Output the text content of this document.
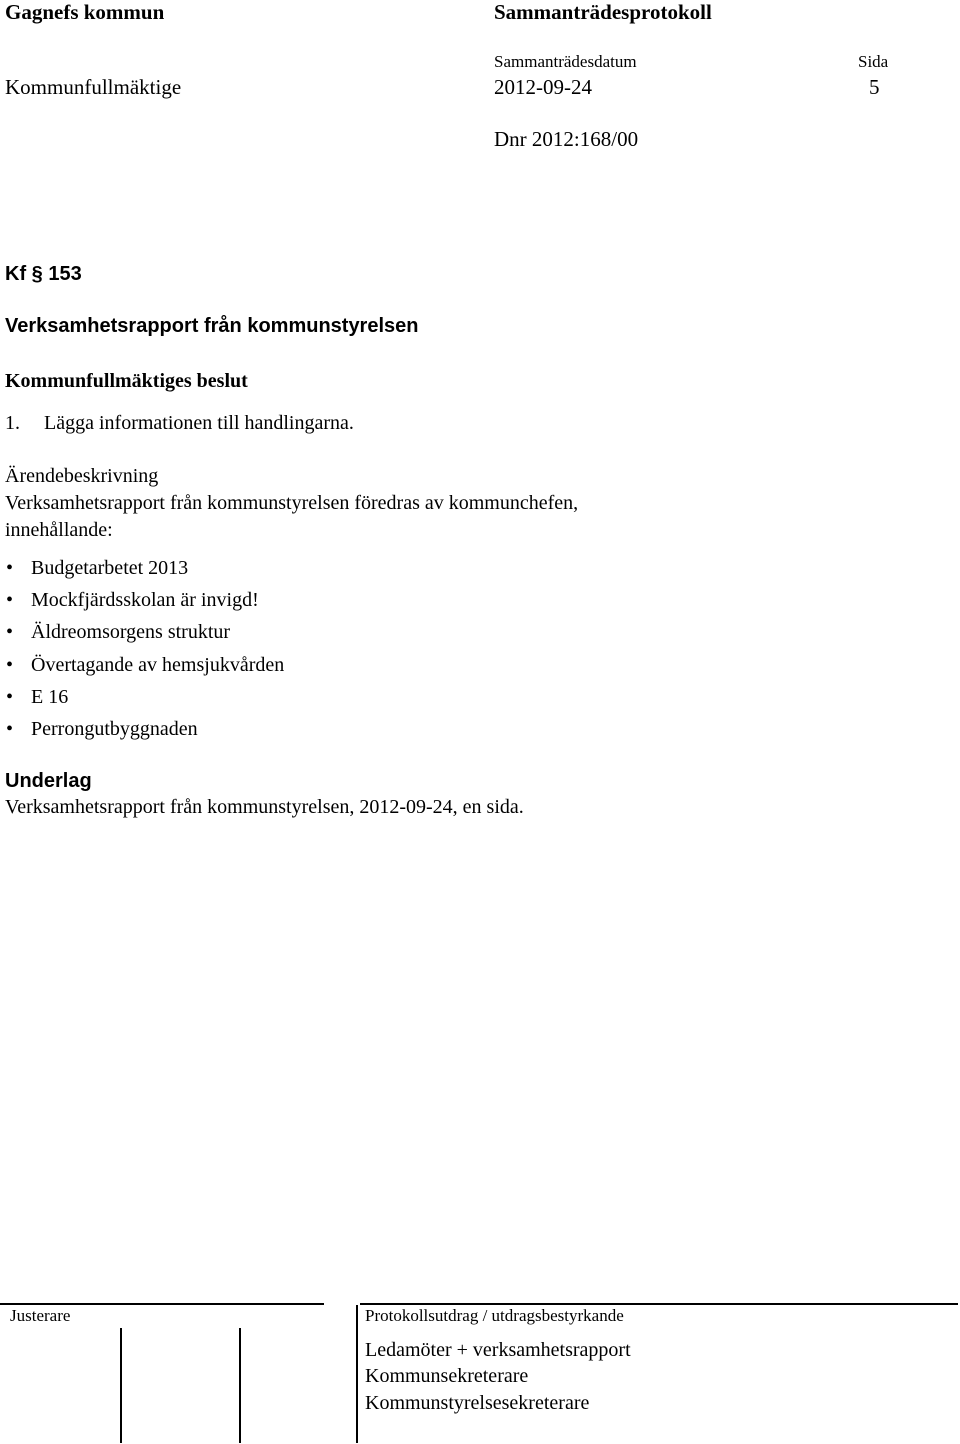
Gagnefs kommun	Sammanträdesprotokoll
Sammanträdesdatum	Sida
Kommunfullmäktige	2012-09-24	5
Dnr 2012:168/00
Kf § 153
Verksamhetsrapport från kommunstyrelsen
Kommunfullmäktiges beslut
1. Lägga informationen till handlingarna.
Ärendebeskrivning
Verksamhetsrapport från kommunstyrelsen föredras av kommunchefen,
innehållande:
• Budgetarbetet 2013
• Mockfjärdsskolan är invigd!
• Äldreomsorgens struktur
• Övertagande av hemsjukvården
• E 16
• Perrongutbyggnaden
Underlag
Verksamhetsrapport från kommunstyrelsen, 2012-09-24, en sida.
Justerare	Protokollsutdrag / utdragsbestyrkande
Ledamöter + verksamhetsrapport
Kommunsekreterare
Kommunstyrelsesekreterare
